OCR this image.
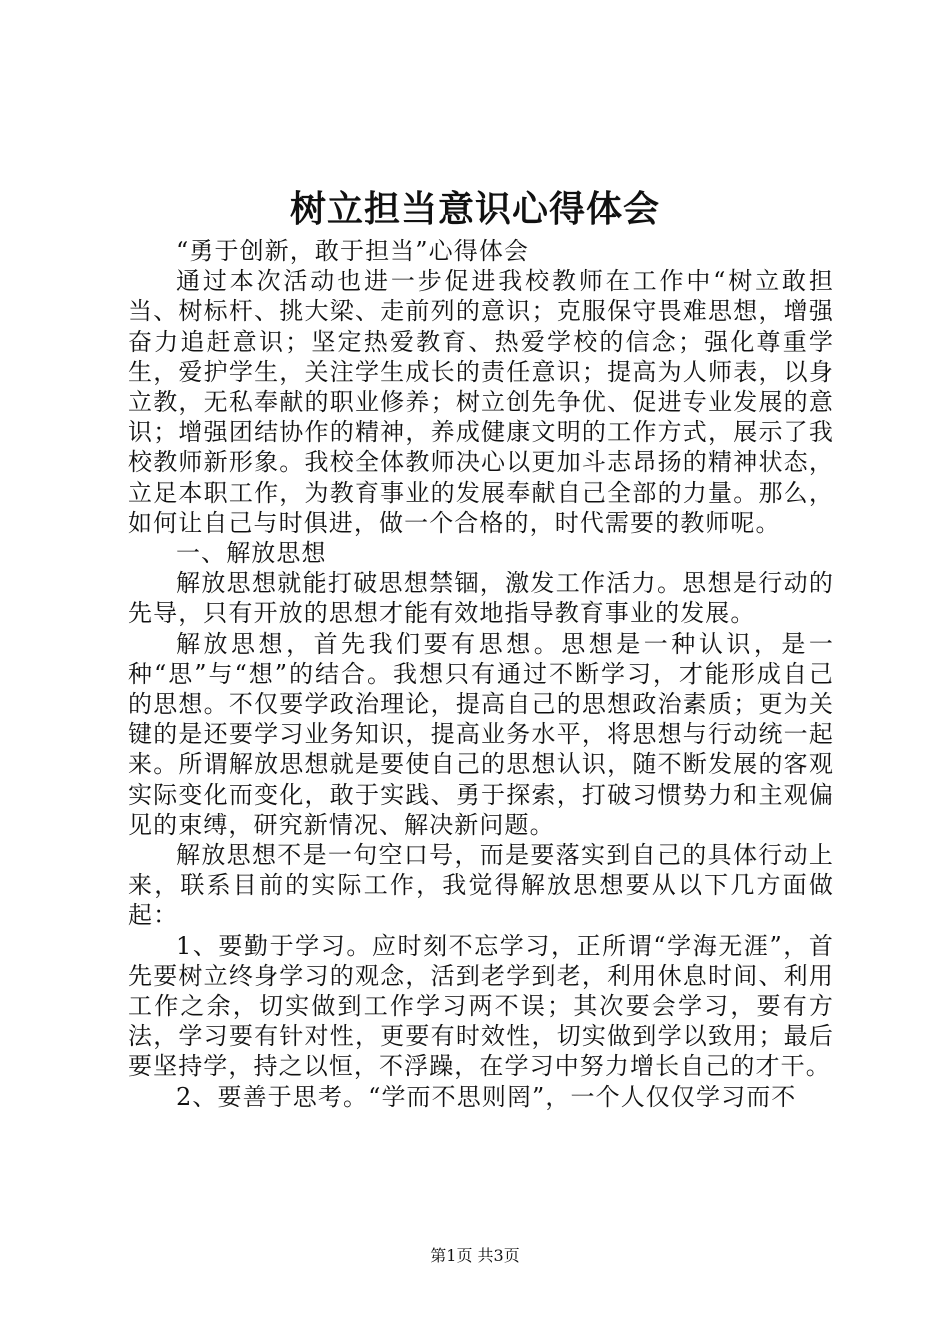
树立担当意识心得体会

“勇于创新，敢于担当”心得体会

通过本次活动也进一步促进我校教师在工作中“树立敢担当、树标杆、挑大梁、走前列的意识；克服保守畏难思想，增强奋力追赶意识；坚定热爱教育、热爱学校的信念；强化尊重学生，爱护学生，关注学生成长的责任意识；提高为人师表，以身立教，无私奉献的职业修养；树立创先争优、促进专业发展的意识；增强团结协作的精神，养成健康文明的工作方式，展示了我校教师新形象。我校全体教师决心以更加斗志昂扬的精神状态，立足本职工作，为教育事业的发展奉献自己全部的力量。那么，如何让自己与时俱进，做一个合格的，时代需要的教师呢。

一、解放思想

解放思想就能打破思想禁锢，激发工作活力。思想是行动的先导，只有开放的思想才能有效地指导教育事业的发展。

解放思想，首先我们要有思想。思想是一种认识，是一种“思”与“想”的结合。我想只有通过不断学习，才能形成自己的思想。不仅要学政治理论，提高自己的思想政治素质；更为关键的是还要学习业务知识，提高业务水平，将思想与行动统一起来。所谓解放思想就是要使自己的思想认识，随不断发展的客观实际变化而变化，敢于实践、勇于探索，打破习惯势力和主观偏见的束缚，研究新情况、解决新问题。

解放思想不是一句空口号，而是要落实到自己的具体行动上来，联系目前的实际工作，我觉得解放思想要从以下几方面做起：

1、要勤于学习。应时刻不忘学习，正所谓“学海无涯”，首先要树立终身学习的观念，活到老学到老，利用休息时间、利用工作之余，切实做到工作学习两不误；其次要会学习，要有方法，学习要有针对性，更要有时效性，切实做到学以致用；最后要坚持学，持之以恒，不浮躁，在学习中努力增长自己的才干。

2、要善于思考。“学而不思则罔”，一个人仅仅学习而不

第1页 共3页
